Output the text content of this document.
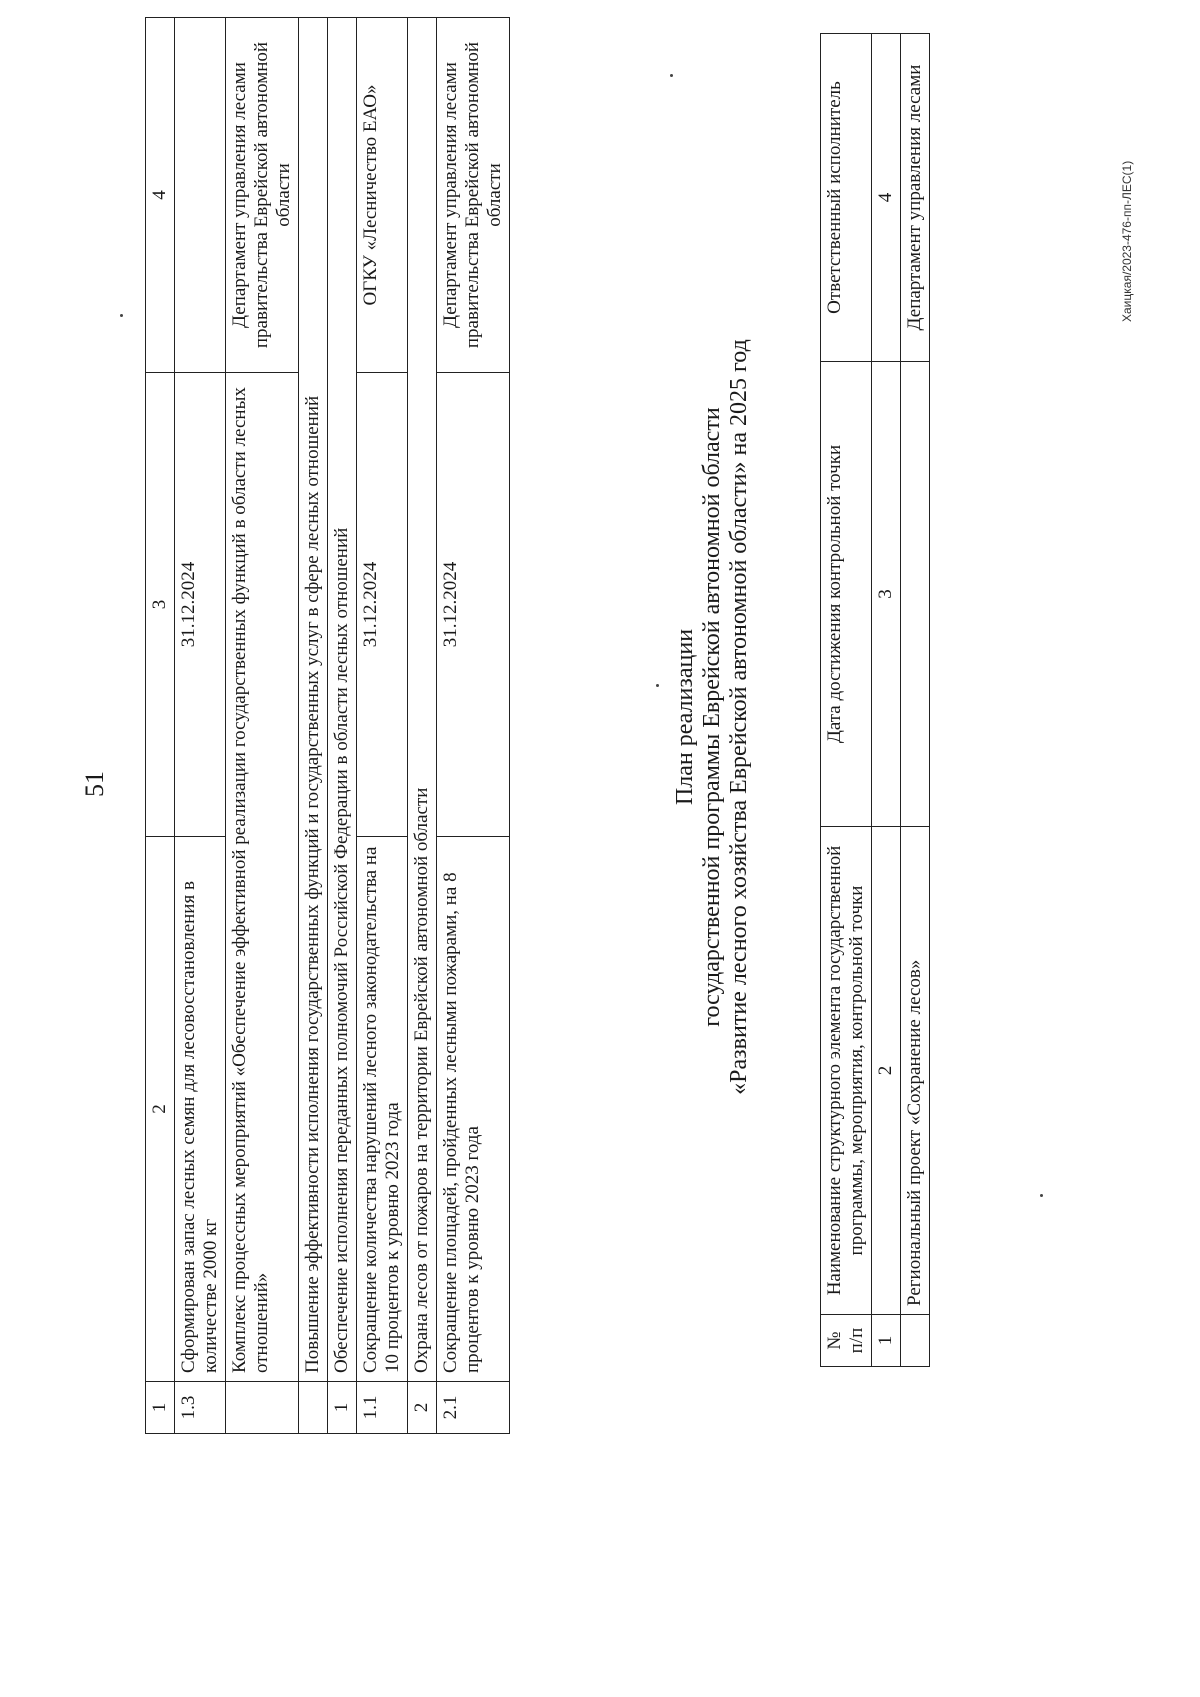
51
1	2	3	4
1.3	Сформирован запас лесных семян для лесовосстановления в количестве 2000 кг	31.12.2024	
	Комплекс процессных мероприятий «Обеспечение эффективной реализации государственных функций в области лесных отношений»		Департамент управления лесами правительства Еврейской автономной области
	Повышение эффективности исполнения государственных функций и государственных услуг в сфере лесных отношений		
1	Обеспечение исполнения переданных полномочий Российской Федерации в области лесных отношений		
1.1	Сокращение количества нарушений лесного законодательства на 10 процентов к уровню 2023 года	31.12.2024	ОГКУ «Лесничество ЕАО»
2	Охрана лесов от пожаров на территории Еврейской автономной области		
2.1	Сокращение площадей, пройденных лесными пожарами, на 8 процентов к уровню 2023 года	31.12.2024	Департамент управления лесами правительства Еврейской автономной области
План реализации государственной программы Еврейской автономной области «Развитие лесного хозяйства Еврейской автономной области» на 2025 год
№ п/п	Наименование структурного элемента государственной программы, мероприятия, контрольной точки	Дата достижения контрольной точки	Ответственный исполнитель
1	2	3	4
	Региональный проект «Сохранение лесов»		Департамент управления лесами	Хаицкая/2023-476-пп-ЛЕС(1)
